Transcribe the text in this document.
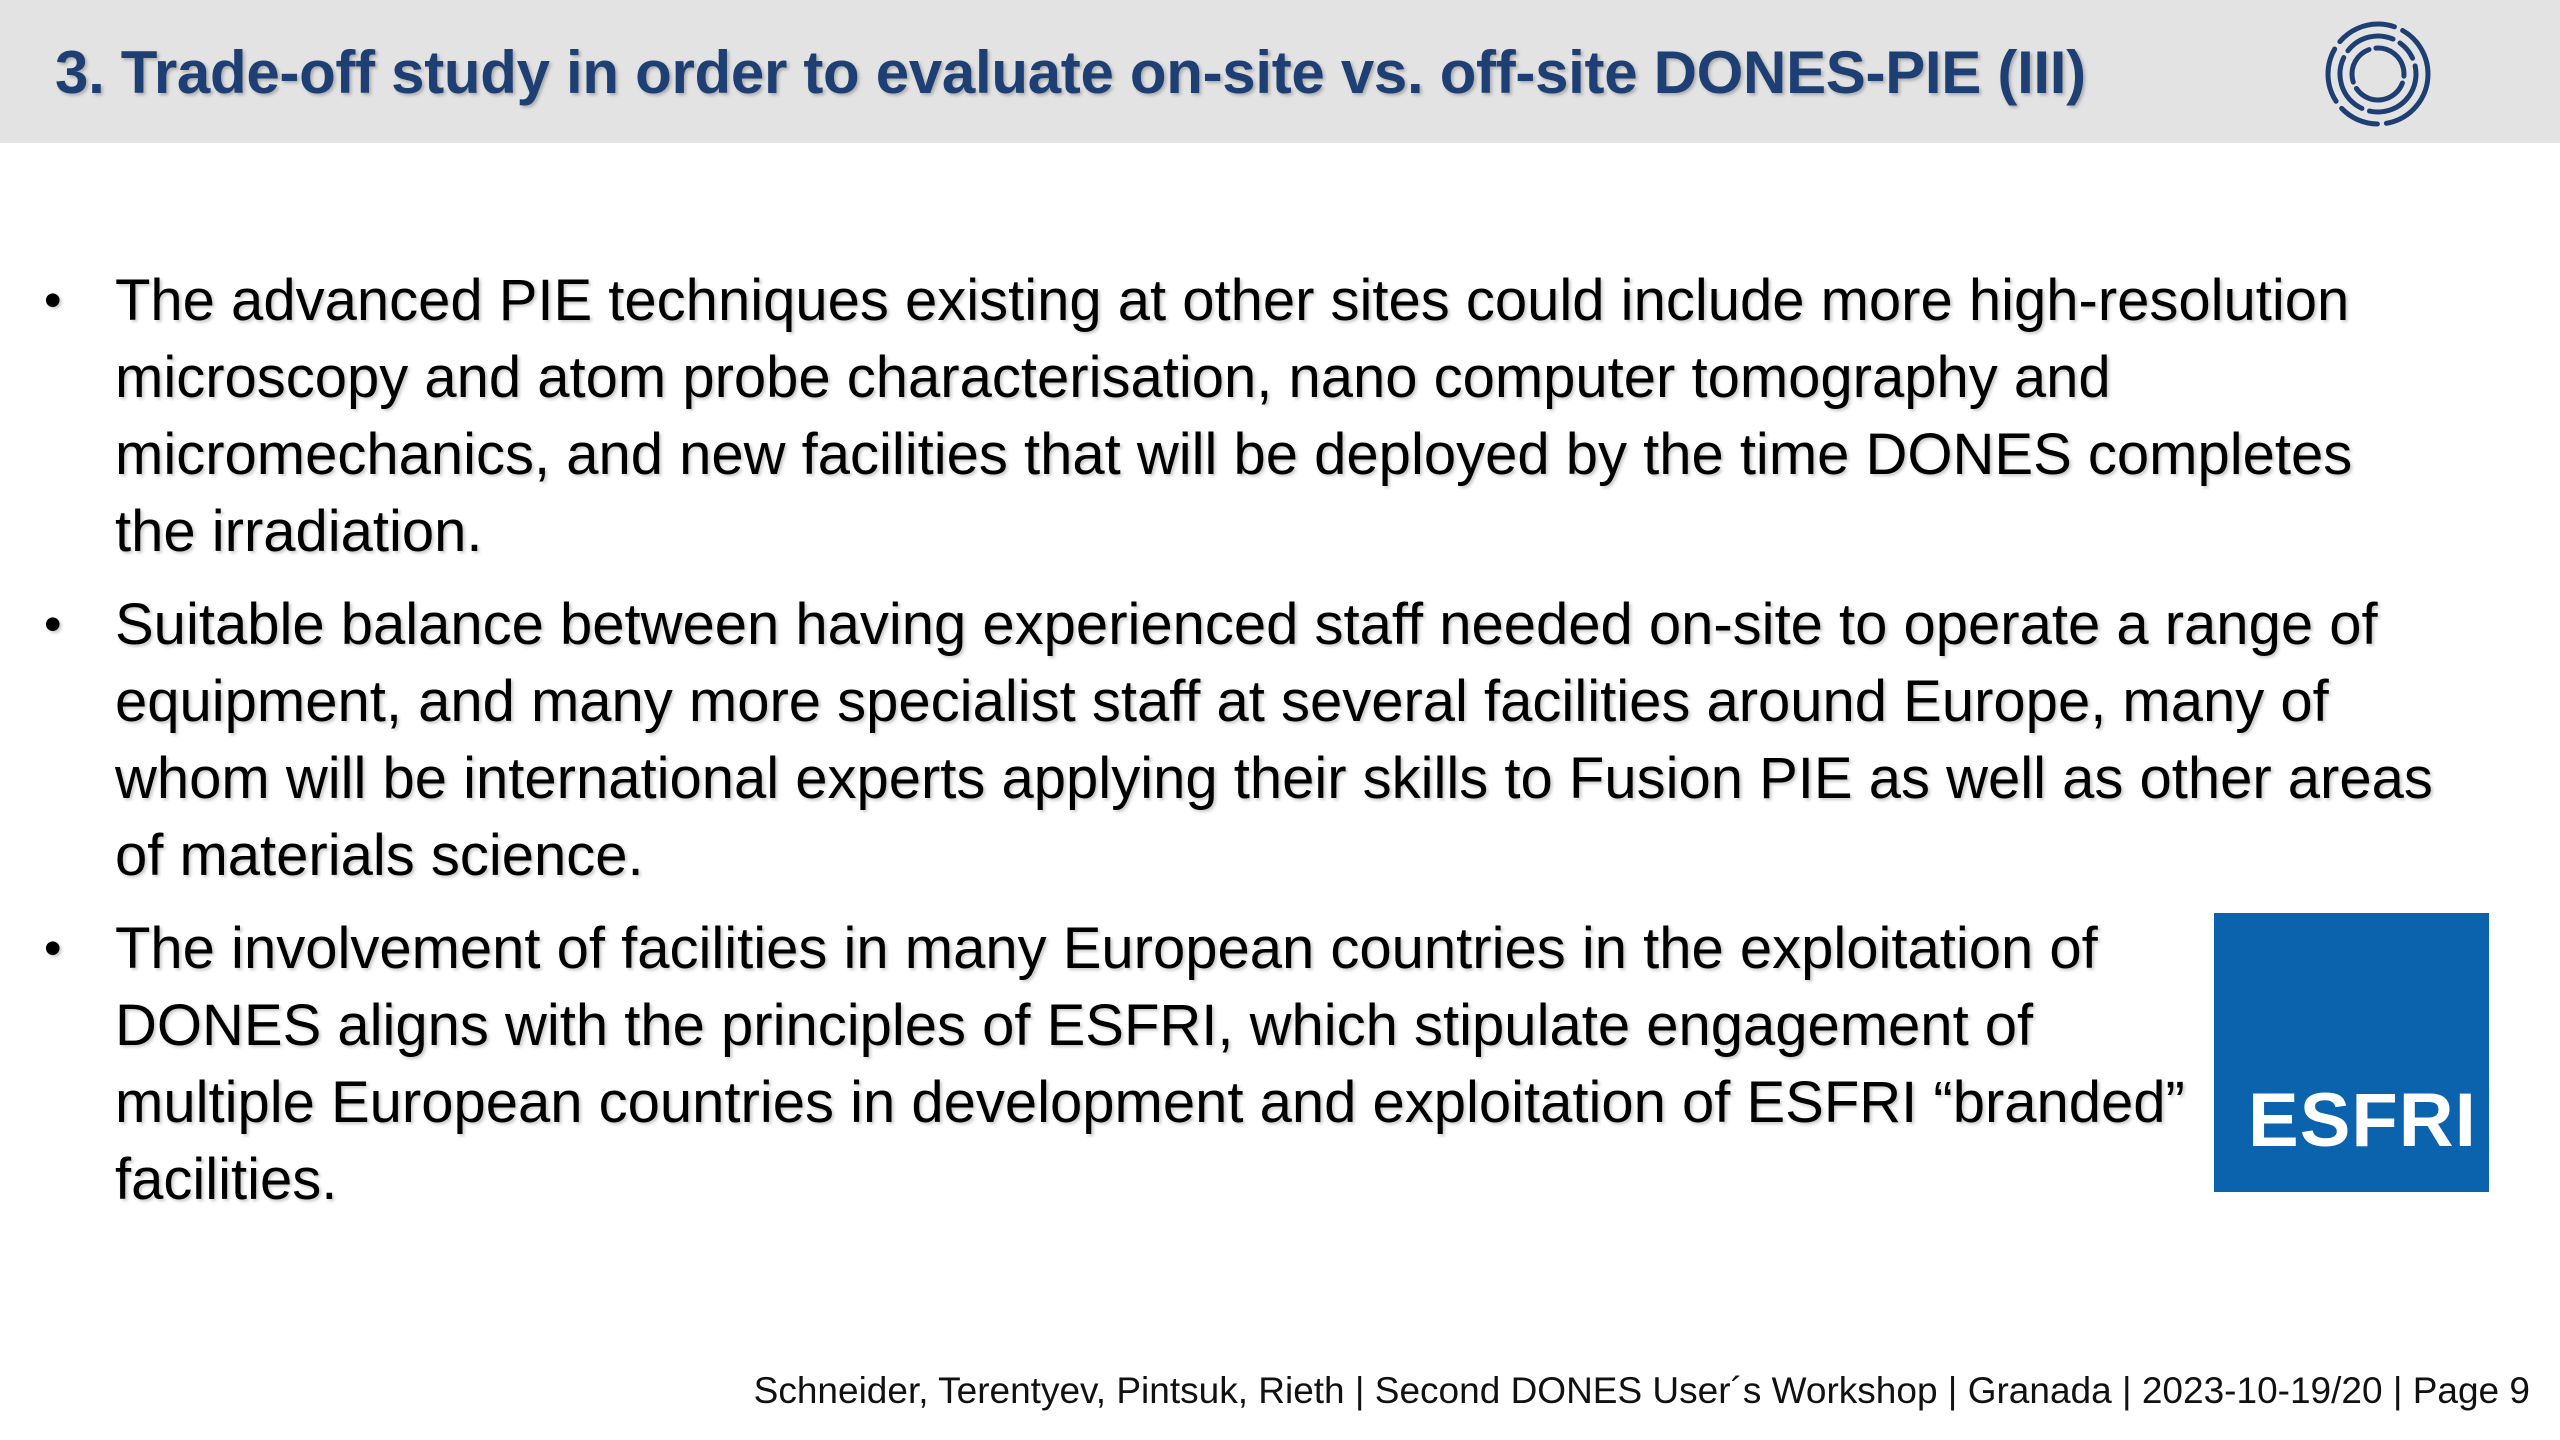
3. Trade-off study in order to evaluate on-site vs. off-site DONES-PIE (III)
• The advanced PIE techniques existing at other sites could include more high-resolution microscopy and atom probe characterisation, nano computer tomography and micromechanics, and new facilities that will be deployed by the time DONES completes the irradiation.
• Suitable balance between having experienced staff needed on-site to operate a range of equipment, and many more specialist staff at several facilities around Europe, many of whom will be international experts applying their skills to Fusion PIE as well as other areas of materials science.
• The involvement of facilities in many European countries in the exploitation of DONES aligns with the principles of ESFRI, which stipulate engagement of multiple European countries in development and exploitation of ESFRI “branded” facilities.
ESFRI
Schneider, Terentyev, Pintsuk, Rieth | Second DONES User´s Workshop | Granada | 2023-10-19/20 | Page 9
